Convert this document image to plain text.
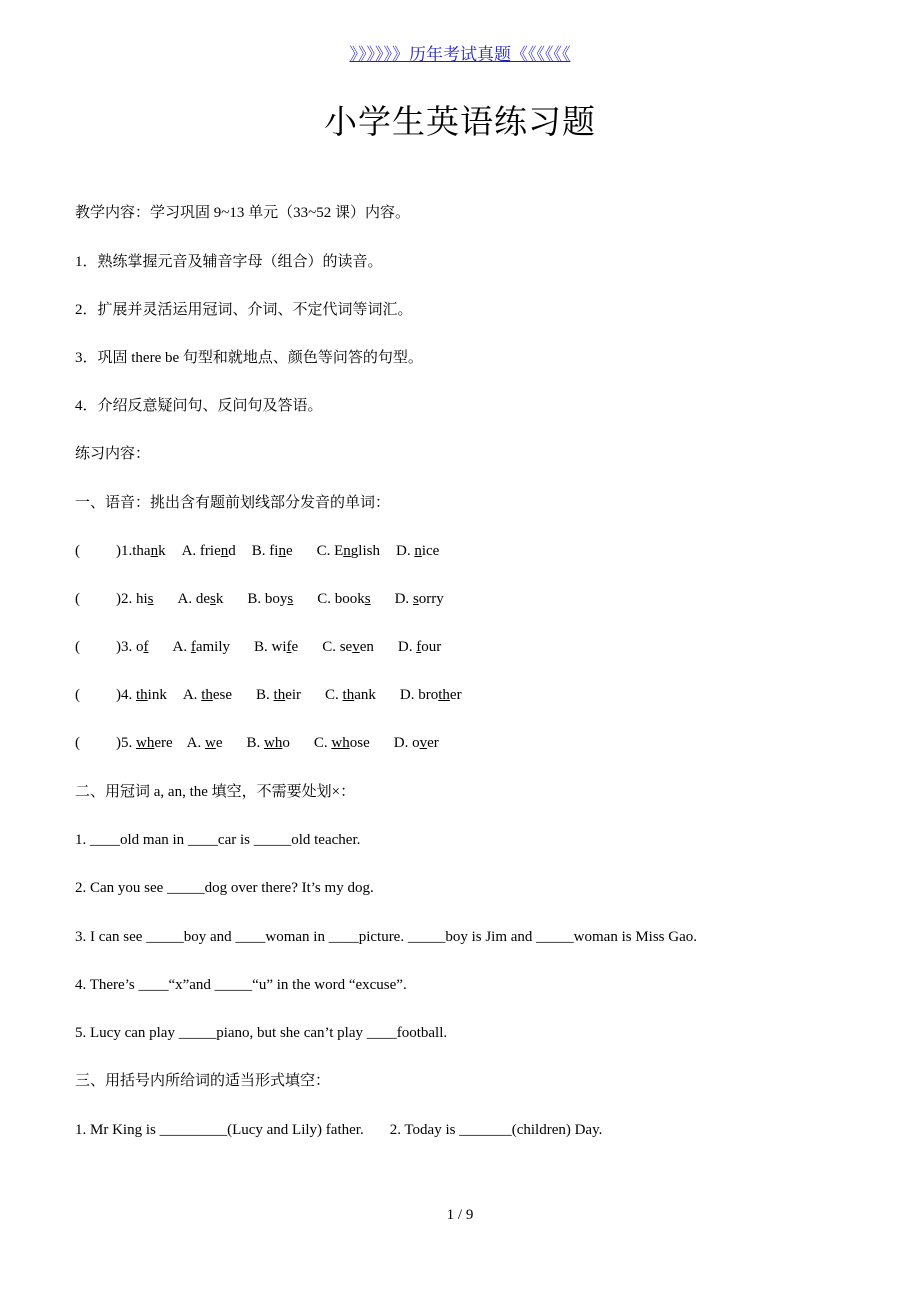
》》》》》》历年考试真题《《《《《《
小学生英语练习题
教学内容：学习巩固 9~13 单元（33~52 课）内容。
1．熟练掌握元音及辅音字母（组合）的读音。
2．扩展并灵活运用冠词、介词、不定代词等词汇。
3．巩固 there be 句型和就地点、颜色等问答的句型。
4．介绍反意疑问句、反问句及答语。
练习内容：
一、语音：挑出含有题前划线部分发音的单词：
( )1.thank A. friend B. fine C. English D. nice
( )2. his A. desk B. boys C. books D. sorry
( )3. of A. family B. wife C. seven D. four
( )4. think A. these B. their C. thank D. brother
( )5. where A. we B. who C. whose D. over
二、用冠词 a, an, the 填空，不需要处划×：
1. ____old man in ____car is _____old teacher.
2. Can you see _____dog over there? It’s my dog.
3. I can see _____boy and ____woman in ____picture. _____boy is Jim and _____woman is Miss Gao.
4. There’s ____“x”and _____“u” in the word “excuse”.
5. Lucy can play _____piano, but she can’t play ____football.
三、用括号内所给词的适当形式填空：
1. Mr King is _________(Lucy and Lily) father. 2. Today is _______(children) Day.
1 / 9
